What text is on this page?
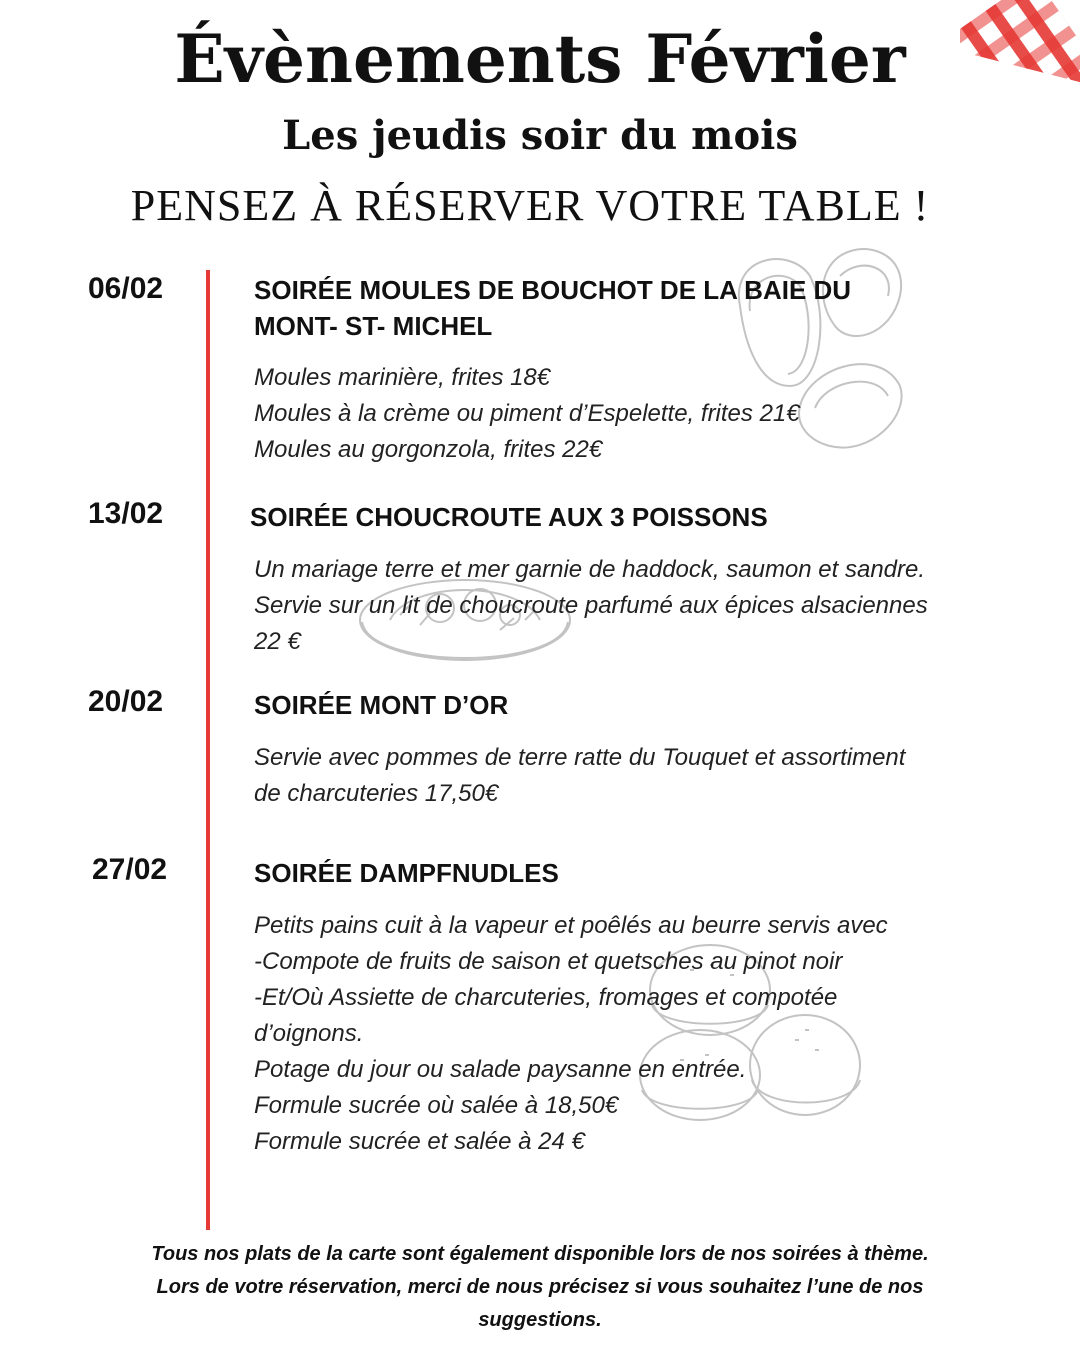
Évènements Février
Les jeudis soir du mois
PENSEZ À RÉSERVER VOTRE TABLE !
06/02	SOIRÉE MOULES DE BOUCHOT DE LA BAIE DU
MONT- ST- MICHEL
Moules marinière, frites 18€
Moules à la crème ou piment d’Espelette, frites 21€
Moules au gorgonzola, frites 22€
13/02	SOIRÉE CHOUCROUTE AUX 3 POISSONS
Un mariage terre et mer garnie de haddock, saumon et sandre.
Servie sur un lit de choucroute parfumé aux épices alsaciennes
22 €
20/02	SOIRÉE MONT D’OR
Servie avec pommes de terre ratte du Touquet et assortiment
de charcuteries 17,50€
27/02	SOIRÉE DAMPFNUDLES
Petits pains cuit à la vapeur et poêlés au beurre servis avec
-Compote de fruits de saison et quetsches au pinot noir
-Et/Où Assiette de charcuteries, fromages et compotée
d’oignons.
Potage du jour ou salade paysanne en entrée.
Formule sucrée où salée à 18,50€
Formule sucrée et salée à 24 €
Tous nos plats de la carte sont également disponible lors de nos soirées à thème.
Lors de votre réservation, merci de nous précisez si vous souhaitez l’une de nos
suggestions.
